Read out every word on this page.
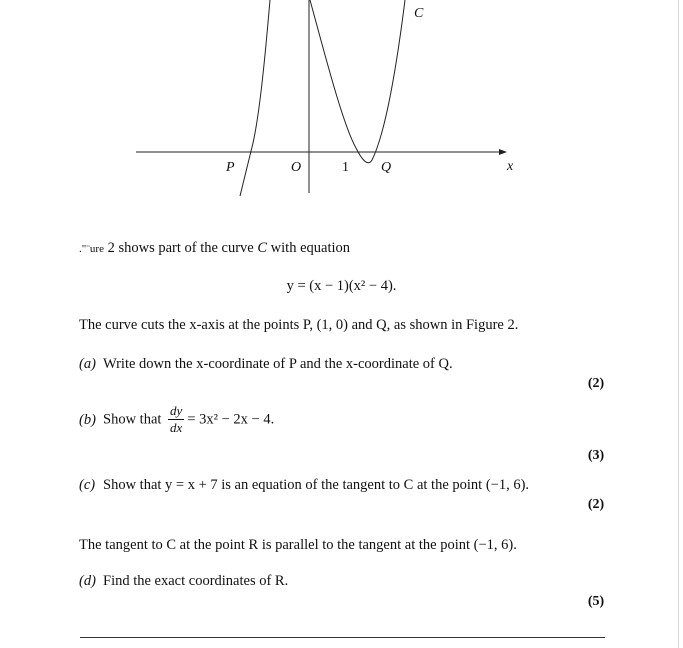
C
P	O	1 Q	x
."¨ure 2 shows part of the curve C with equation
y = (x − 1)(x² − 4).
The curve cuts the x-axis at the points P, (1, 0) and Q, as shown in Figure 2.
(a) Write down the x-coordinate of P and the x-coordinate of Q.
(2)
(b) Show that $\frac{dy}{dx} = 3x^2 - 2x - 4$.
(3)
(c) Show that y = x + 7 is an equation of the tangent to C at the point (−1, 6).
(2)
The tangent to C at the point R is parallel to the tangent at the point (−1, 6).
(d) Find the exact coordinates of R.
(5)
